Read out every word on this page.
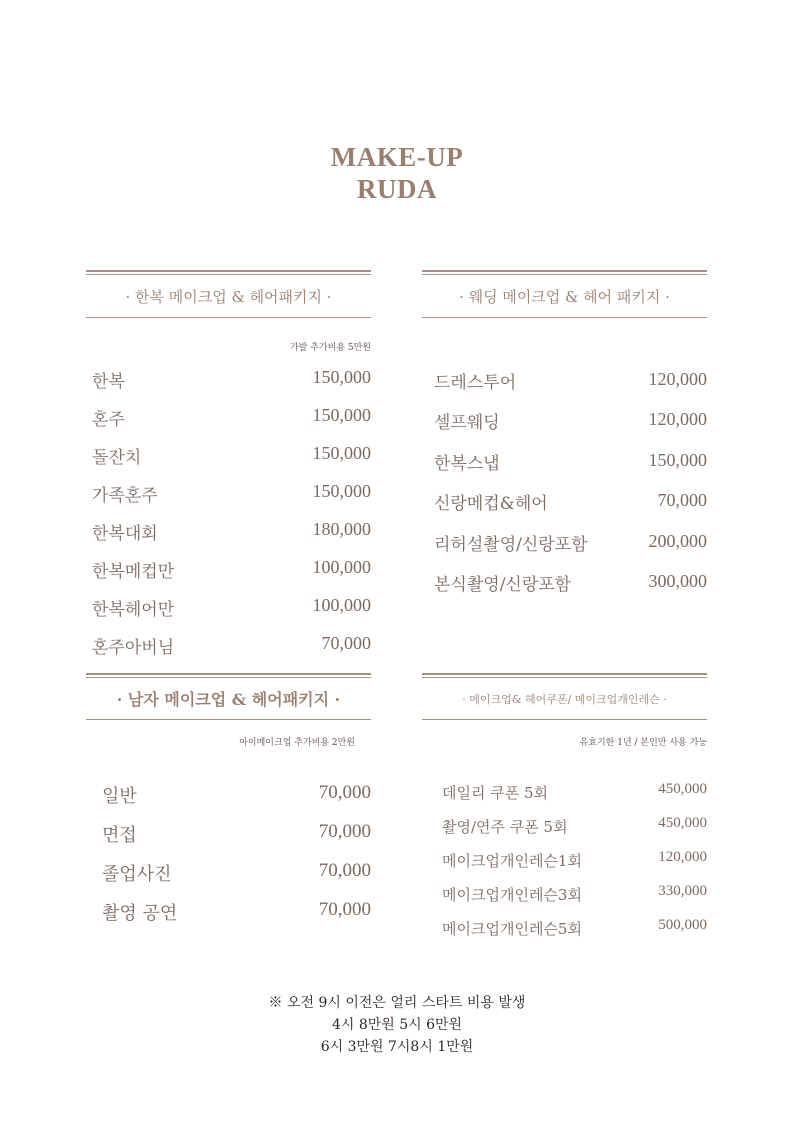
MAKE-UP
RUDA
· 한복 메이크업 & 헤어패키지 ·
가발 추가비용 5만원
한복	150,000
혼주	150,000
돌잔치	150,000
가족혼주	150,000
한복대회	180,000
한복메컵만	100,000
한복헤어만	100,000
혼주아버님	70,000
· 웨딩 메이크업 & 헤어 패키지 ·
드레스투어	120,000
셀프웨딩	120,000
한복스냅	150,000
신랑메컵&헤어	70,000
리허설촬영/신랑포함	200,000
본식촬영/신랑포함	300,000
· 남자 메이크업 & 헤어패키지 ·
아이메이크업 추가비용 2만원
일반	70,000
면접	70,000
졸업사진	70,000
촬영 공연	70,000
· 메이크업& 헤어쿠폰/ 메이크업개인레슨 ·
유효기한 1년 / 본인만 사용 가능
데일리 쿠폰 5회	450,000
촬영/연주 쿠폰 5회	450,000
메이크업개인레슨1회	120,000
메이크업개인레슨3회	330,000
메이크업개인레슨5회	500,000
※ 오전 9시 이전은 얼리 스타트 비용 발생
4시 8만원 5시 6만원
6시 3만원 7시8시 1만원
